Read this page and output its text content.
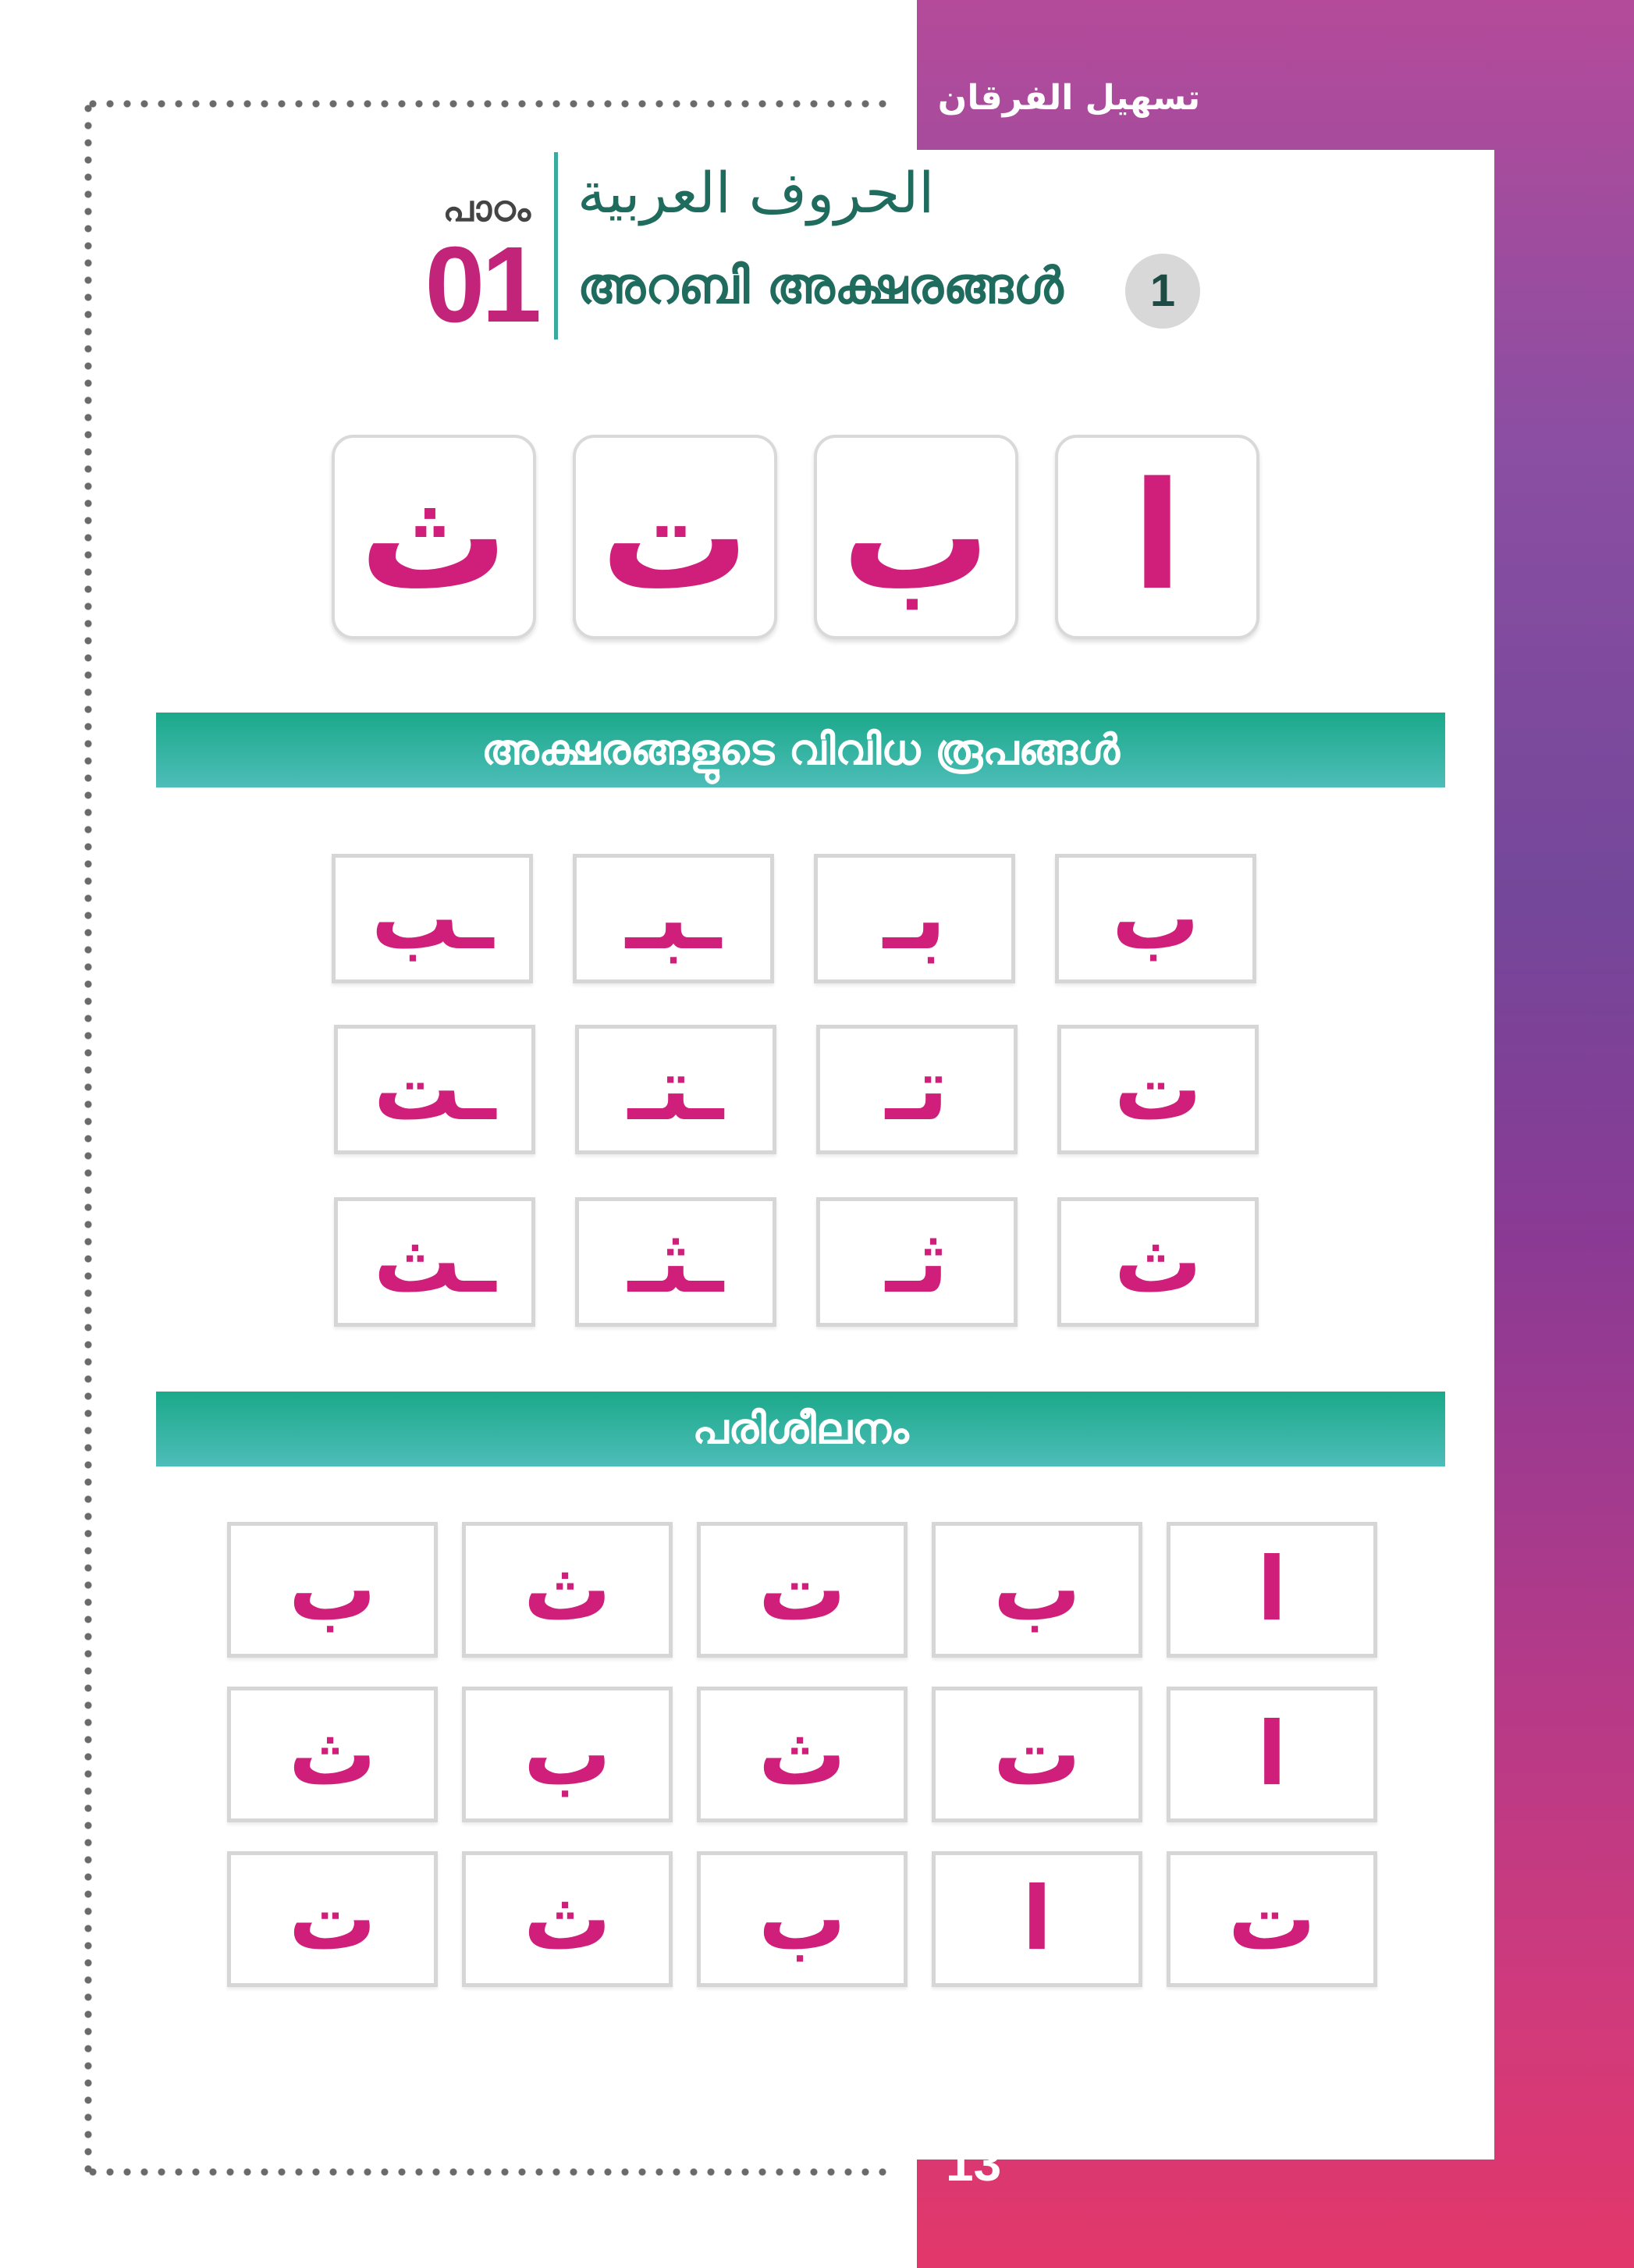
تسهيل الفرقان
പാഠം
01
الحروف العربية
അറബി അക്ഷരങ്ങൾ	1
ا
ب
ت
ث
അക്ഷരങ്ങളുടെ വിവിധ രൂപങ്ങൾ
ب
بـ
ـبـ
ـب
ت
تـ
ـتـ
ـت
ث
ثـ
ـثـ
ـث
പരിശീലനം
ا
ب
ت
ث
ب
ا
ت
ث
ب
ث
ت
ا
ب
ث
ت
13
